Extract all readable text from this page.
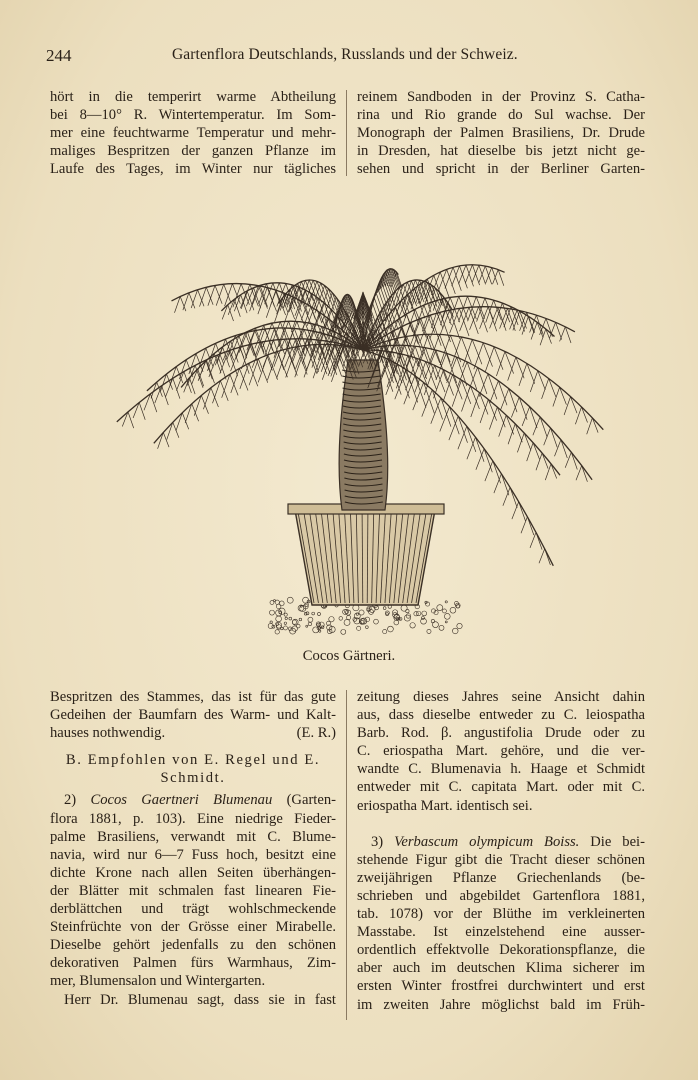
244	Gartenflora Deutschlands, Russlands und der Schweiz.

hört in die temperirt warme Abtheilung

bei 8—10° R. Wintertemperatur. Im Som-

mer eine feuchtwarme Temperatur und mehr-

maliges Bespritzen der ganzen Pflanze im

Laufe des Tages, im Winter nur tägliches

reinem Sandboden in der Provinz S. Catha-

rina und Rio grande do Sul wachse. Der

Monograph der Palmen Brasiliens, Dr. Drude

in Dresden, hat dieselbe bis jetzt nicht ge-

sehen und spricht in der Berliner Garten-

Cocos Gärtneri.

Bespritzen des Stammes, das ist für das gute

Gedeihen der Baumfarn des Warm- und Kalt-

hauses nothwendig.	(E. R.)

B. Empfohlen von E. Regel und E.

Schmidt.

2) Cocos Gaertneri Blumenau (Garten-

flora 1881, p. 103). Eine niedrige Fieder-

palme Brasiliens, verwandt mit C. Blume-

navia, wird nur 6—7 Fuss hoch, besitzt eine

dichte Krone nach allen Seiten überhängen-

der Blätter mit schmalen fast linearen Fie-

derblättchen und trägt wohlschmeckende

Steinfrüchte von der Grösse einer Mirabelle.

Dieselbe gehört jedenfalls zu den schönen

dekorativen Palmen fürs Warmhaus, Zim-

mer, Blumensalon und Wintergarten.

Herr Dr. Blumenau sagt, dass sie in fast

zeitung dieses Jahres seine Ansicht dahin

aus, dass dieselbe entweder zu C. leiospatha

Barb. Rod. β. angustifolia Drude oder zu

C. eriospatha Mart. gehöre, und die ver-

wandte C. Blumenavia h. Haage et Schmidt

entweder mit C. capitata Mart. oder mit C.

eriospatha Mart. identisch sei.

3) Verbascum olympicum Boiss. Die bei-

stehende Figur gibt die Tracht dieser schönen

zweijährigen Pflanze Griechenlands (be-

schrieben und abgebildet Gartenflora 1881,

tab. 1078) vor der Blüthe im verkleinerten

Masstabe. Ist einzelstehend eine ausser-

ordentlich effektvolle Dekorationspflanze, die

aber auch im deutschen Klima sicherer im

ersten Winter frostfrei durchwintert und erst

im zweiten Jahre möglichst bald im Früh-
